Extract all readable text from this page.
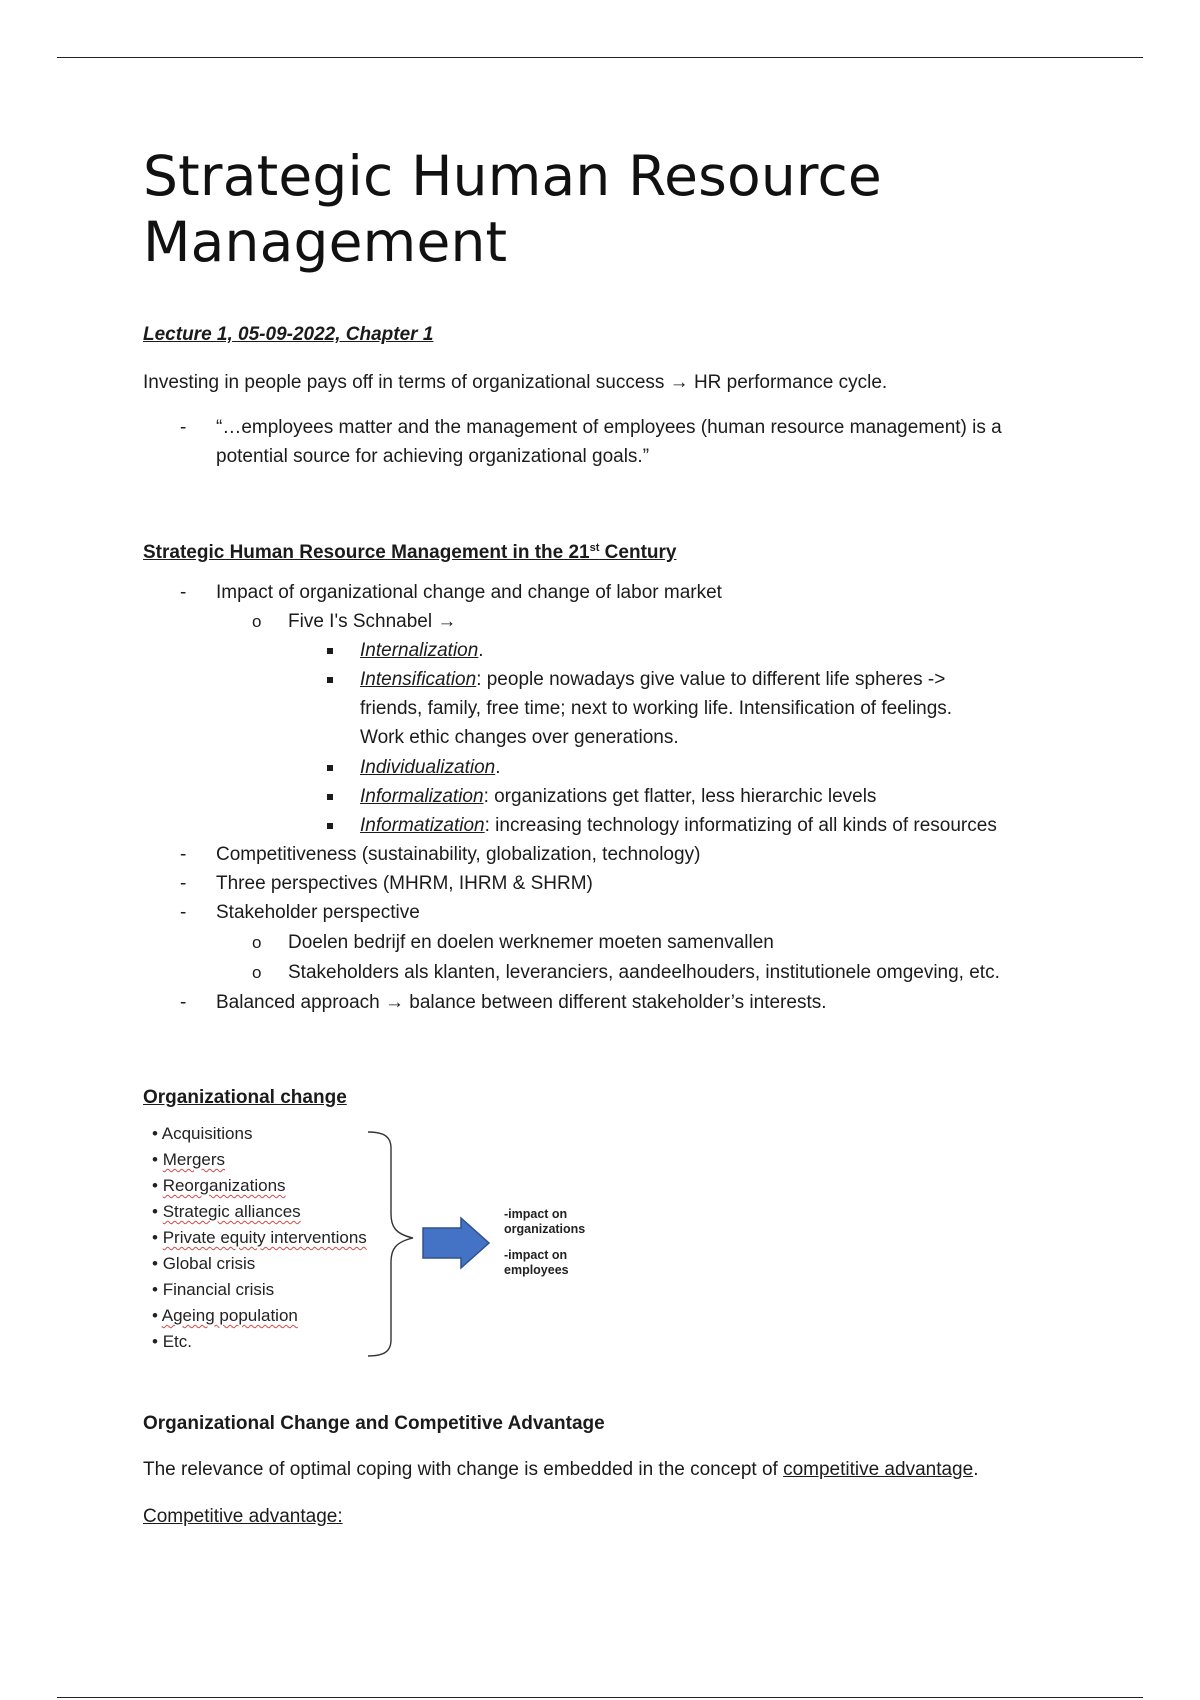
Strategic Human Resource
Management
Lecture 1, 05-09-2022, Chapter 1
Investing in people pays off in terms of organizational success → HR performance cycle.
- “…employees matter and the management of employees (human resource management) is a
potential source for achieving organizational goals.”
Strategic Human Resource Management in the 21st Century
- Impact of organizational change and change of labor market
o Five I's Schnabel →
Internalization.
Intensification: people nowadays give value to different life spheres ->
friends, family, free time; next to working life. Intensification of feelings.
Work ethic changes over generations.
Individualization.
Informalization: organizations get flatter, less hierarchic levels
Informatization: increasing technology informatizing of all kinds of resources
- Competitiveness (sustainability, globalization, technology)
- Three perspectives (MHRM, IHRM & SHRM)
- Stakeholder perspective
o Doelen bedrijf en doelen werknemer moeten samenvallen
o Stakeholders als klanten, leveranciers, aandeelhouders, institutionele omgeving, etc.
- Balanced approach → balance between different stakeholder’s interests.
Organizational change
• Acquisitions
• Mergers
• Reorganizations
• Strategic alliances
• Private equity interventions
• Global crisis
• Financial crisis
• Ageing population
• Etc.
-impact on organizations
-impact on employees
Organizational Change and Competitive Advantage
The relevance of optimal coping with change is embedded in the concept of competitive advantage.
Competitive advantage:
